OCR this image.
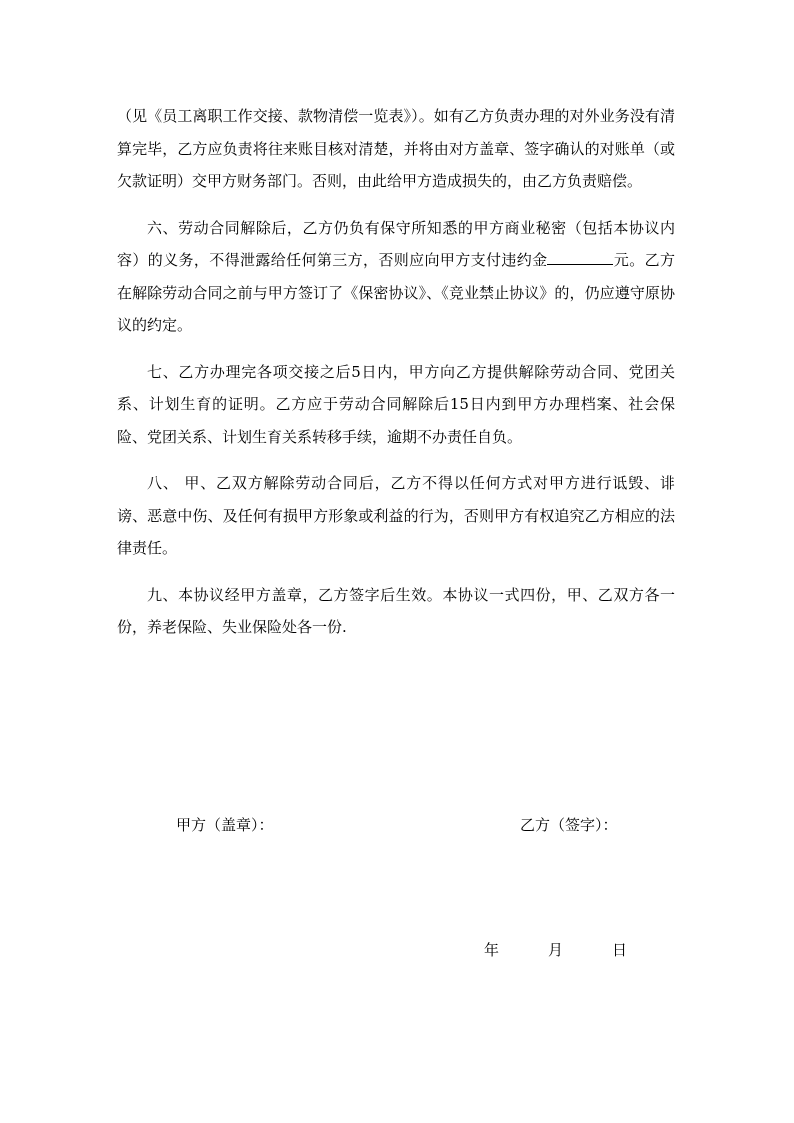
（见《员工离职工作交接、款物清偿一览表》）。如有乙方负责办理的对外业务没有清算完毕，乙方应负责将往来账目核对清楚，并将由对方盖章、签字确认的对账单（或欠款证明）交甲方财务部门。否则，由此给甲方造成损失的，由乙方负责赔偿。

六、劳动合同解除后，乙方仍负有保守所知悉的甲方商业秘密（包括本协议内容）的义务，不得泄露给任何第三方，否则应向甲方支付违约金	元。乙方在解除劳动合同之前与甲方签订了《保密协议》、《竞业禁止协议》的，仍应遵守原协议的约定。

七、乙方办理完各项交接之后5日内，甲方向乙方提供解除劳动合同、党团关系、计划生育的证明。乙方应于劳动合同解除后15日内到甲方办理档案、社会保险、党团关系、计划生育关系转移手续，逾期不办责任自负。

八、 甲、乙双方解除劳动合同后，乙方不得以任何方式对甲方进行诋毁、诽谤、恶意中伤、及任何有损甲方形象或利益的行为，否则甲方有权追究乙方相应的法律责任。

九、本协议经甲方盖章，乙方签字后生效。本协议一式四份，甲、乙双方各一份，养老保险、失业保险处各一份.

甲方（盖章）：	乙方（签字）：
年	月	日
